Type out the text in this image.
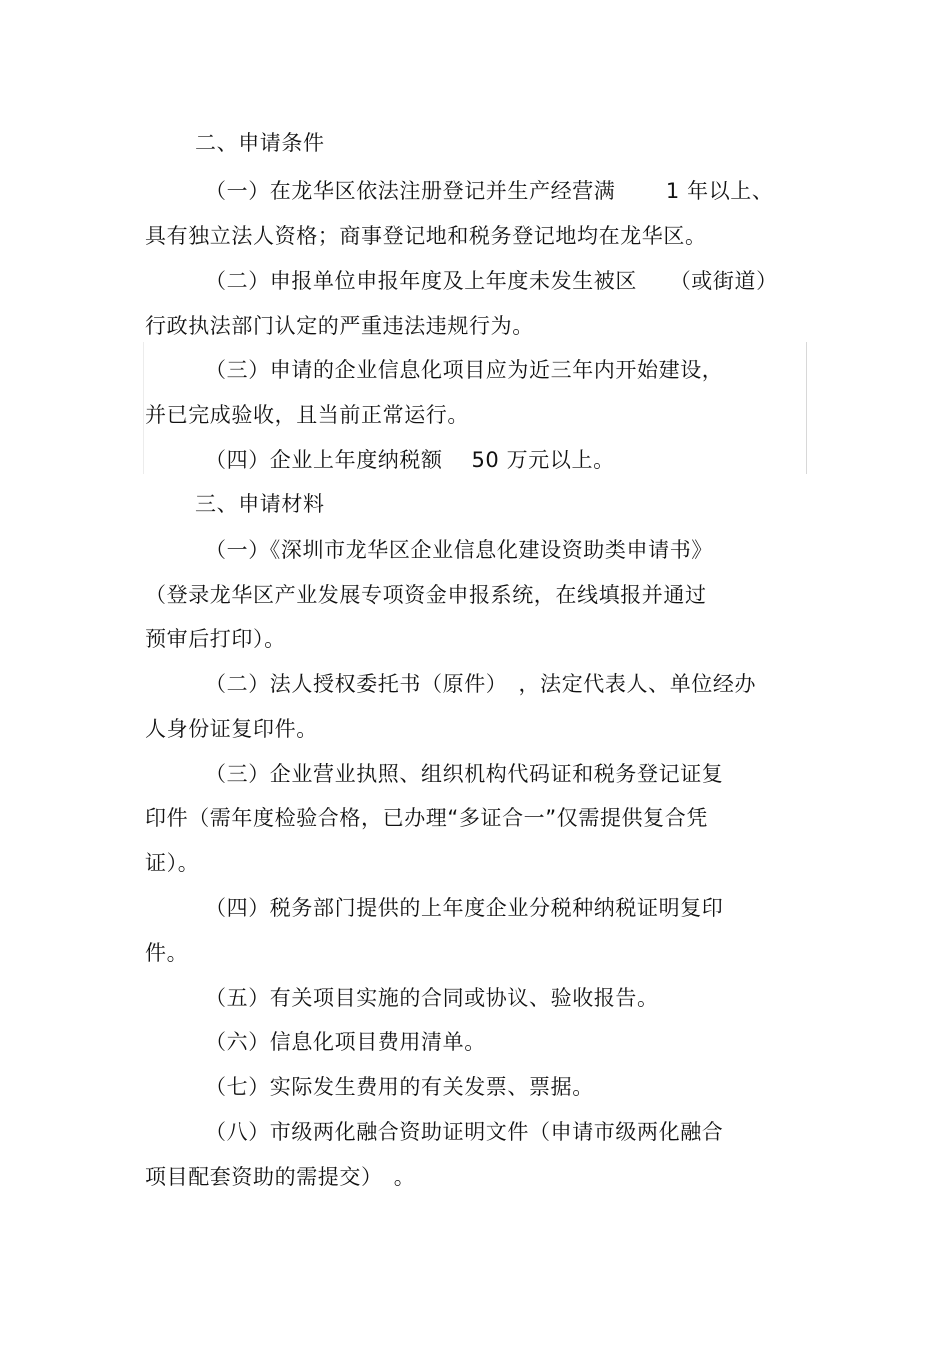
二、申请条件
（一）在龙华区依法注册登记并生产经营满　　 1 年以上、
具有独立法人资格；商事登记地和税务登记地均在龙华区。
（二）申报单位申报年度及上年度未发生被区　　（或街道）
行政执法部门认定的严重违法违规行为。
（三）申请的企业信息化项目应为近三年内开始建设，
并已完成验收，且当前正常运行。
（四）企业上年度纳税额　 50 万元以上。
三、申请材料
（一）《深圳市龙华区企业信息化建设资助类申请书》
（登录龙华区产业发展专项资金申报系统，在线填报并通过
预审后打印）。
（二）法人授权委托书（原件）　，法定代表人、单位经办
人身份证复印件。
（三）企业营业执照、组织机构代码证和税务登记证复
印件（需年度检验合格，已办理“多证合一”仅需提供复合凭
证）。
（四）税务部门提供的上年度企业分税种纳税证明复印
件。
（五）有关项目实施的合同或协议、验收报告。
（六）信息化项目费用清单。
（七）实际发生费用的有关发票、票据。
（八）市级两化融合资助证明文件（申请市级两化融合
项目配套资助的需提交）　。
